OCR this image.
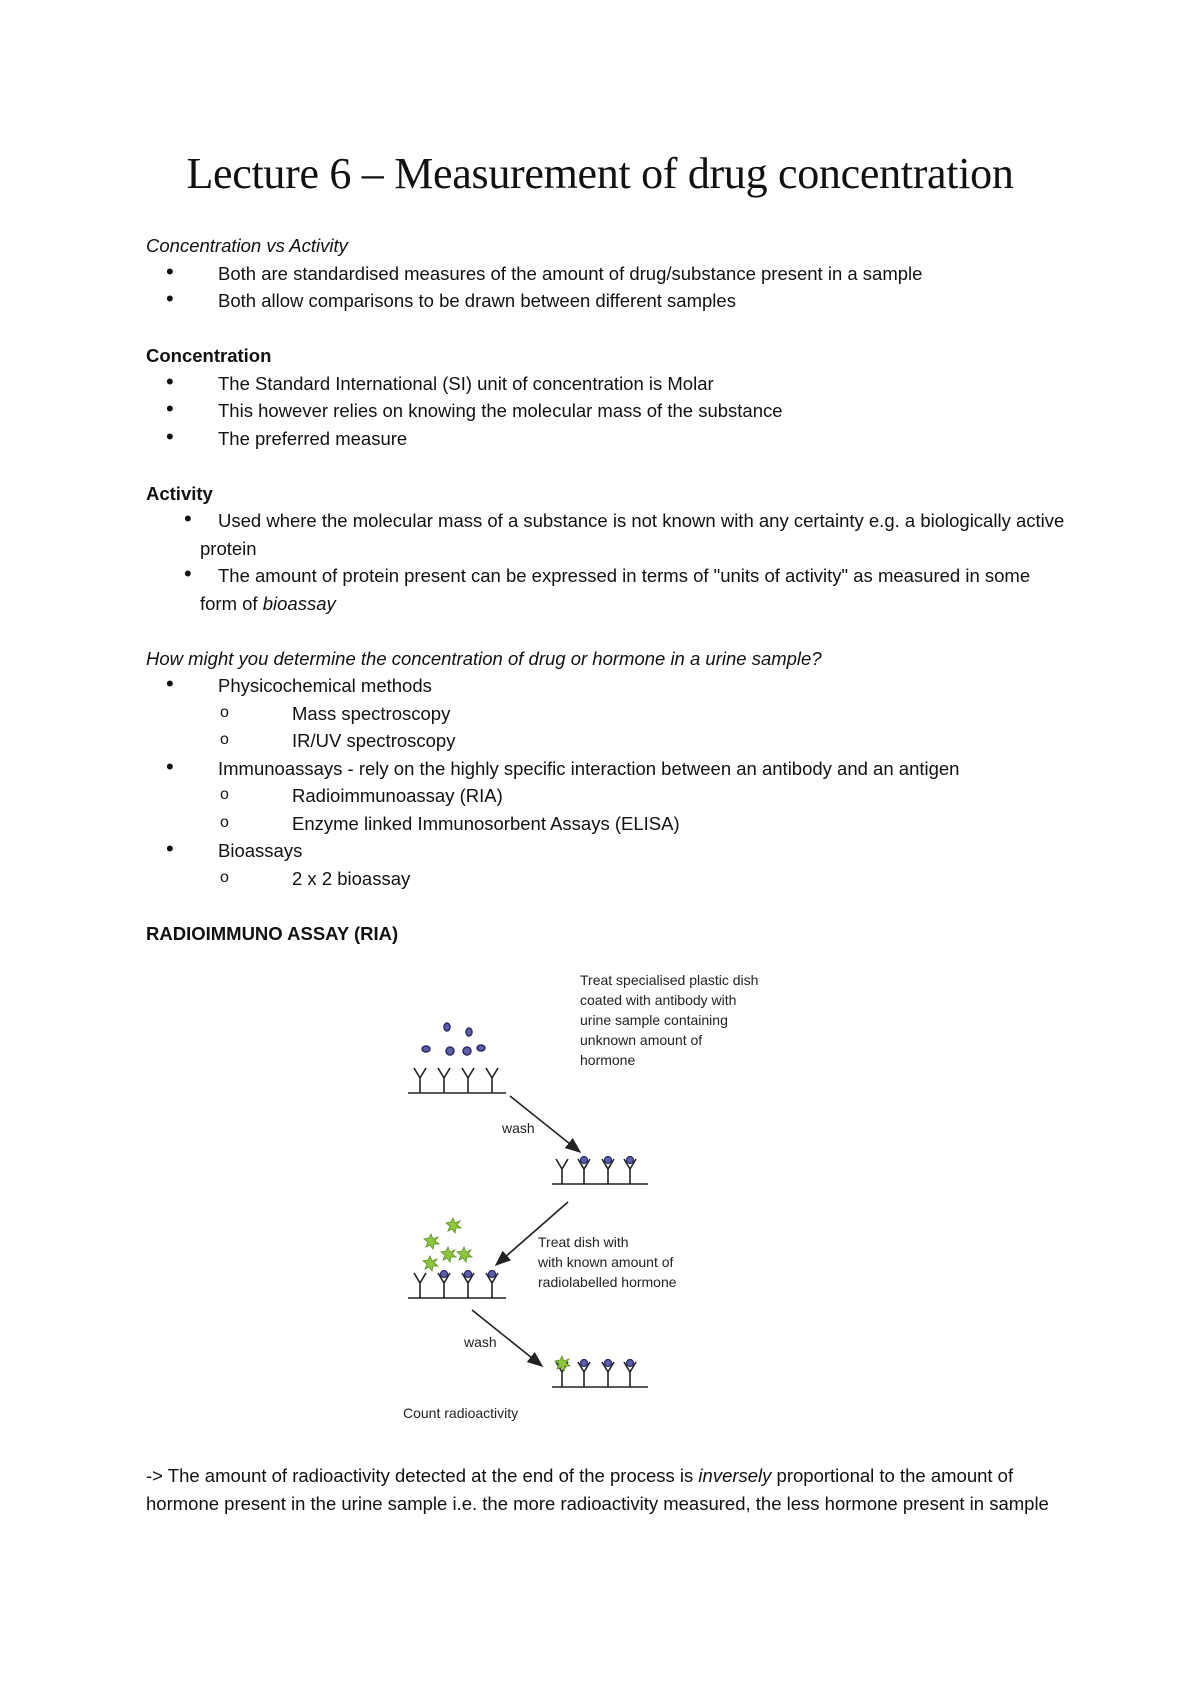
Lecture 6 – Measurement of drug concentration

Concentration vs Activity

• Both are standardised measures of the amount of drug/substance present in a sample
• Both allow comparisons to be drawn between different samples

Concentration

• The Standard International (SI) unit of concentration is Molar
• This however relies on knowing the molecular mass of the substance
• The preferred measure

Activity

• Used where the molecular mass of a substance is not known with any certainty e.g. a biologically active protein
• The amount of protein present can be expressed in terms of "units of activity" as measured in some form of bioassay

How might you determine the concentration of drug or hormone in a urine sample?

• Physicochemical methods
o Mass spectroscopy
o IR/UV spectroscopy
• Immunoassays - rely on the highly specific interaction between an antibody and an antigen
o Radioimmunoassay (RIA)
o Enzyme linked Immunosorbent Assays (ELISA)
• Bioassays
o 2 x 2 bioassay

RADIOIMMUNO ASSAY (RIA)

Treat specialised plastic dish
coated with antibody with
urine sample containing
unknown amount of
hormone
wash
Treat dish with
with known amount of
radiolabelled hormone
wash
Count radioactivity

-> The amount of radioactivity detected at the end of the process is inversely proportional to the amount of hormone present in the urine sample i.e. the more radioactivity measured, the less hormone present in sample
